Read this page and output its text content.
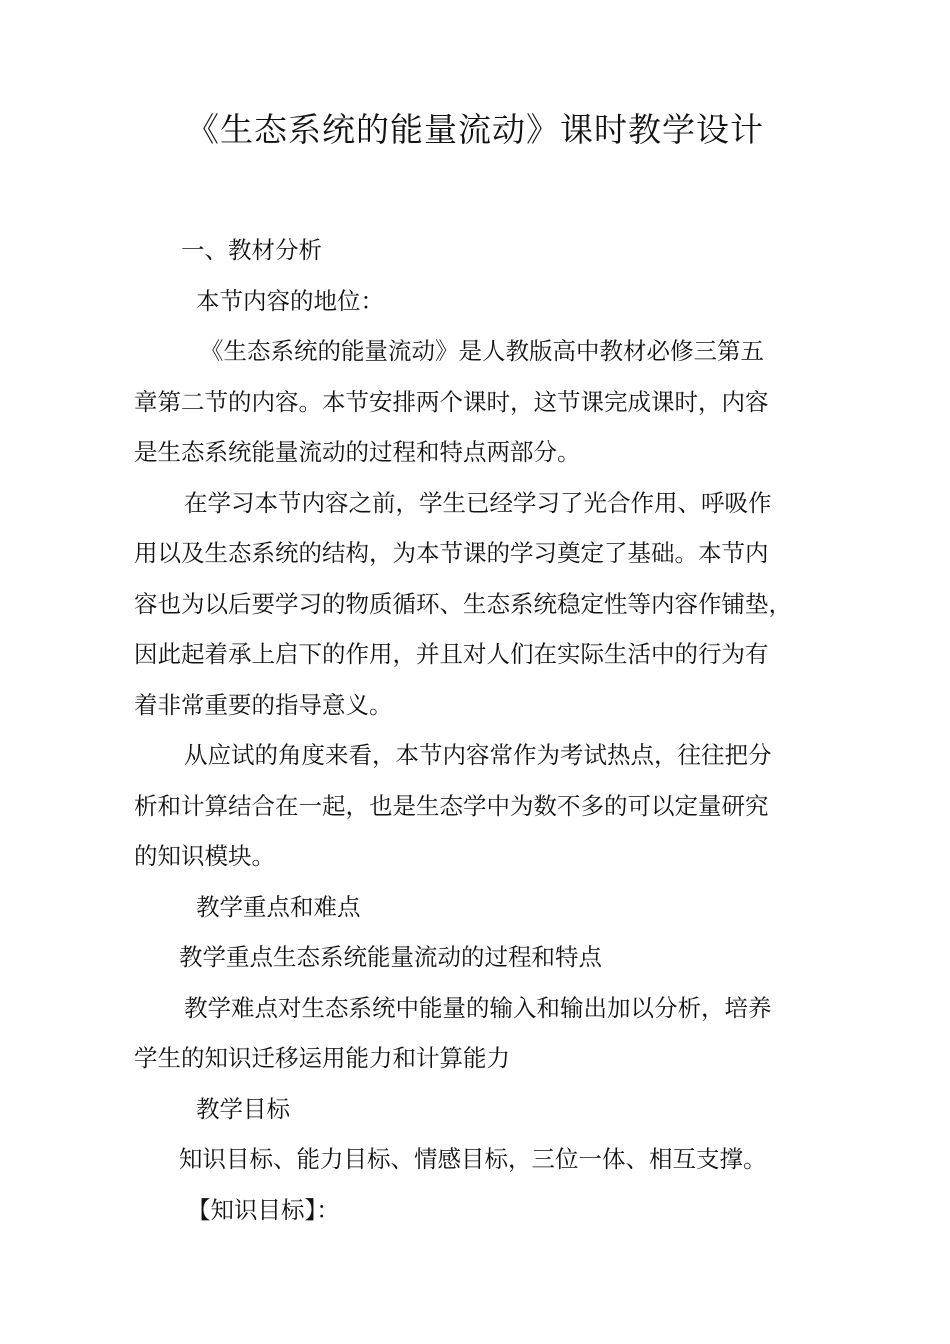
《生态系统的能量流动》课时教学设计

一、教材分析

本节内容的地位：

《生态系统的能量流动》是人教版高中教材必修三第五

章第二节的内容。本节安排两个课时，这节课完成课时，内容

是生态系统能量流动的过程和特点两部分。

在学习本节内容之前，学生已经学习了光合作用、呼吸作

用以及生态系统的结构，为本节课的学习奠定了基础。本节内

容也为以后要学习的物质循环、生态系统稳定性等内容作铺垫，

因此起着承上启下的作用，并且对人们在实际生活中的行为有

着非常重要的指导意义。

从应试的角度来看，本节内容常作为考试热点，往往把分

析和计算结合在一起，也是生态学中为数不多的可以定量研究

的知识模块。

教学重点和难点

教学重点生态系统能量流动的过程和特点

教学难点对生态系统中能量的输入和输出加以分析，培养

学生的知识迁移运用能力和计算能力

教学目标

知识目标、能力目标、情感目标，三位一体、相互支撑。

【知识目标】：
